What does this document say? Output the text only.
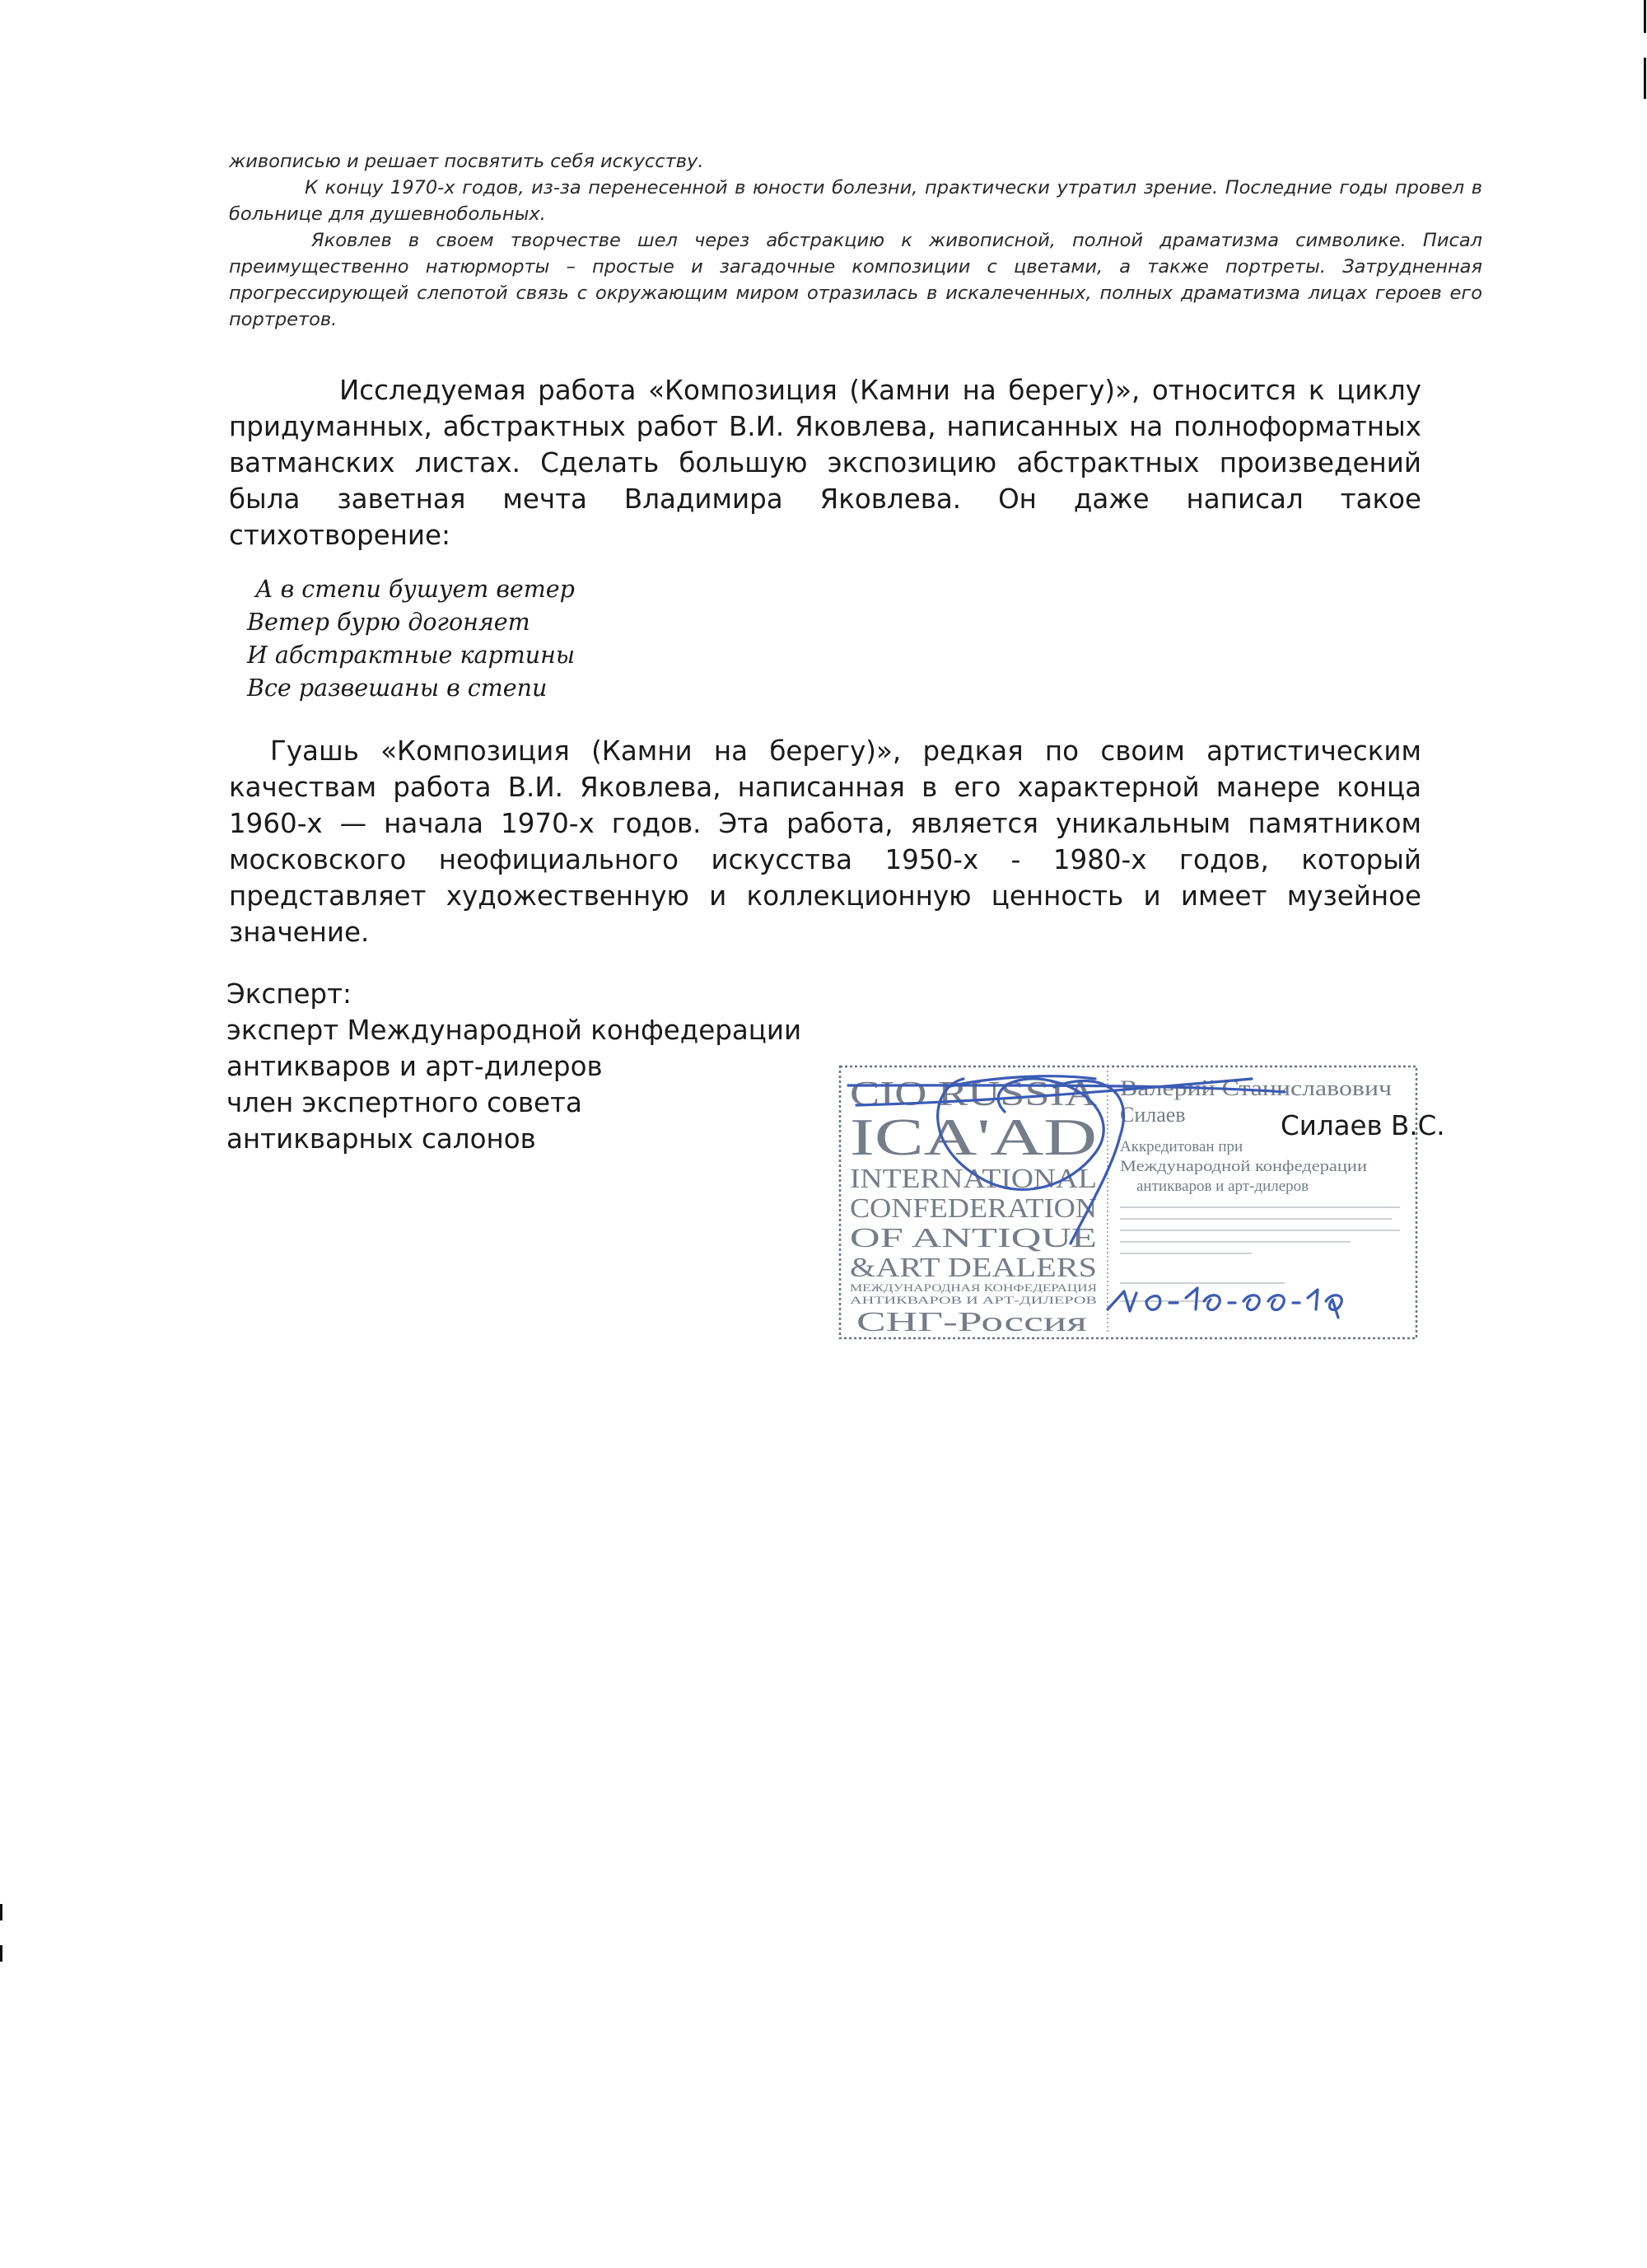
живописью и решает посвятить себя искусству.

К концу 1970-х годов, из-за перенесенной в юности болезни, практически утратил зрение. Последние годы провел в больнице для душевнобольных.

Яковлев в своем творчестве шел через абстракцию к живописной, полной драматизма символике. Писал преимущественно натюрморты – простые и загадочные композиции с цветами, а также портреты. Затрудненная прогрессирующей слепотой связь с окружающим миром отразилась в искалеченных, полных драматизма лицах героев его портретов.

Исследуемая работа «Композиция (Камни на берегу)», относится к циклу придуманных, абстрактных работ В.И. Яковлева, написанных на полноформатных ватманских листах. Сделать большую экспозицию абстрактных произведений была заветная мечта Владимира Яковлева. Он даже написал такое стихотворение:

А в степи бушует ветер
Ветер бурю догоняет
И абстрактные картины
Все развешаны в степи

Гуашь «Композиция (Камни на берегу)», редкая по своим артистическим качествам работа В.И. Яковлева, написанная в его характерной манере конца 1960-х — начала 1970-х годов. Эта работа, является уникальным памятником московского неофициального искусства 1950-х - 1980-х годов, который представляет художественную и коллекционную ценность и имеет музейное значение.

Эксперт:
эксперт Международной конфедерации
антикваров и арт-дилеров
член экспертного совета
антикварных салонов
CIO RUSSIA
ICA'AD
INTERNATIONAL
CONFEDERATION
OF ANTIQUE
&ART DEALERS
МЕЖДУНАРОДНАЯ КОНФЕДЕРАЦИЯ
АНТИКВАРОВ И АРТ-ДИЛЕРОВ
СНГ-Россия
Валерий Станиславович
Силаев
Аккредитован при
Международной конфедерации
антикваров и арт-дилеров
Силаев В.С.
